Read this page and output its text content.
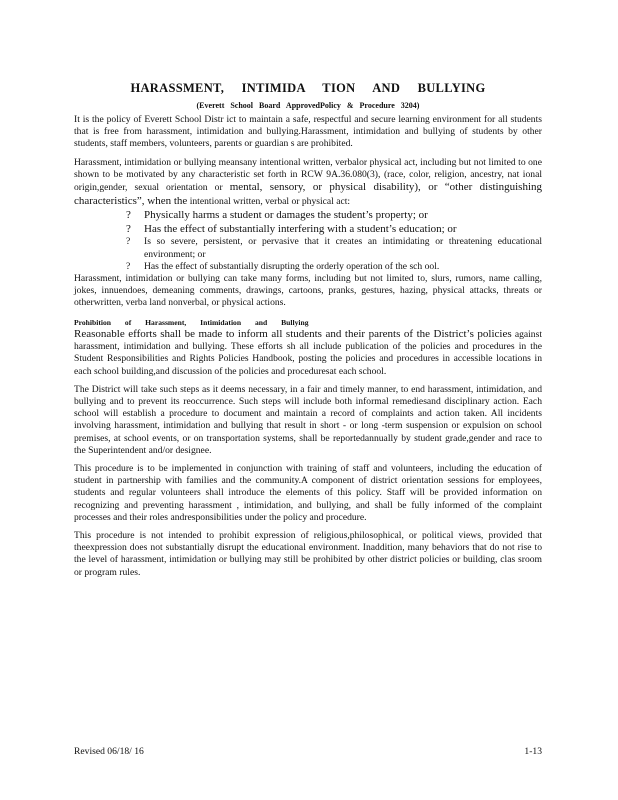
HARASSMENT, INTIMIDA TION AND BULLYING
(Everett School Board ApprovedPolicy & Procedure 3204)

It is the policy of Everett School Distr ict to maintain a safe, respectful and secure learning environment for all students that is free from harassment, intimidation and bullying.Harassment, intimidation and bullying of students by other students, staff members, volunteers, parents or guardian s are prohibited.

Harassment, intimidation or bullying meansany intentional written, verbalor physical act, including but not limited to one shown to be motivated by any characteristic set forth in RCW 9A.36.080(3), (race, color, religion, ancestry, nat ional origin,gender, sexual orientation or mental, sensory, or physical disability), or “other distinguishing characteristics”, when the intentional written, verbal or physical act:

? Physically harms a student or damages the student’s property; or
? Has the effect of substantially interfering with a student’s education; or
? Is so severe, persistent, or pervasive that it creates an intimidating or threatening educational environment; or
? Has the effect of substantially disrupting the orderly operation of the sch ool.

Harassment, intimidation or bullying can take many forms, including but not limited to, slurs, rumors, name calling, jokes, innuendoes, demeaning comments, drawings, cartoons, pranks, gestures, hazing, physical attacks, threats or otherwritten, verba land nonverbal, or physical actions.

Prohibition of Harassment, Intimidation and Bullying

Reasonable efforts shall be made to inform all students and their parents of the District’s policies against harassment, intimidation and bullying. These efforts sh all include publication of the policies and procedures in the Student Responsibilities and Rights Policies Handbook, posting the policies and procedures in accessible locations in each school building,and discussion of the policies and proceduresat each school.

The District will take such steps as it deems necessary, in a fair and timely manner, to end harassment, intimidation, and bullying and to prevent its reoccurrence. Such steps will include both informal remediesand disciplinary action. Each school will establish a procedure to document and maintain a record of complaints and action taken. All incidents involving harassment, intimidation and bullying that result in short - or long -term suspension or expulsion on school premises, at school events, or on transportation systems, shall be reportedannually by student grade,gender and race to the Superintendent and/or designee.

This procedure is to be implemented in conjunction with training of staff and volunteers, including the education of student in partnership with families and the community.A component of district orientation sessions for employees, students and regular volunteers shall introduce the elements of this policy. Staff will be provided information on recognizing and preventing harassment , intimidation, and bullying, and shall be fully informed of the complaint processes and their roles andresponsibilities under the policy and procedure.

This procedure is not intended to prohibit expression of religious,philosophical, or political views, provided that theexpression does not substantially disrupt the educational environment. Inaddition, many behaviors that do not rise to the level of harassment, intimidation or bullying may still be prohibited by other district policies or building, clas sroom or program rules.

Revised 06/18/ 16	1-13
